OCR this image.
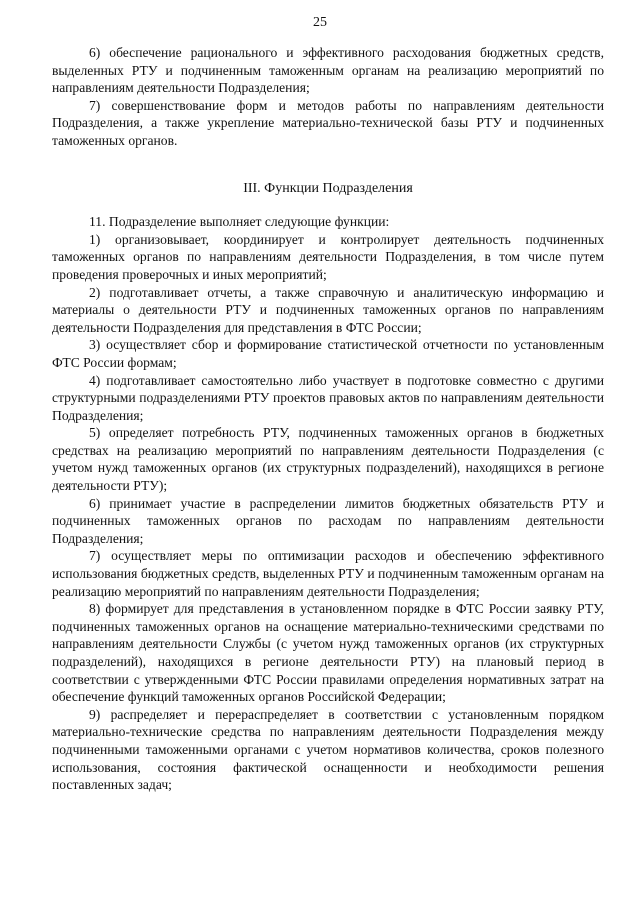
25

6) обеспечение рационального и эффективного расходования бюджетных средств, выделенных РТУ и подчиненным таможенным органам на реализацию мероприятий по направлениям деятельности Подразделения;

7) совершенствование форм и методов работы по направлениям деятельности Подразделения, а также укрепление материально-технической базы РТУ и подчиненных таможенных органов.

III. Функции Подразделения

11. Подразделение выполняет следующие функции:

1) организовывает, координирует и контролирует деятельность подчиненных таможенных органов по направлениям деятельности Подразделения, в том числе путем проведения проверочных и иных мероприятий;

2) подготавливает отчеты, а также справочную и аналитическую информацию и материалы о деятельности РТУ и подчиненных таможенных органов по направлениям деятельности Подразделения для представления в ФТС России;

3) осуществляет сбор и формирование статистической отчетности по установленным ФТС России формам;

4) подготавливает самостоятельно либо участвует в подготовке совместно с другими структурными подразделениями РТУ проектов правовых актов по направлениям деятельности Подразделения;

5) определяет потребность РТУ, подчиненных таможенных органов в бюджетных средствах на реализацию мероприятий по направлениям деятельности Подразделения (с учетом нужд таможенных органов (их структурных подразделений), находящихся в регионе деятельности РТУ);

6) принимает участие в распределении лимитов бюджетных обязательств РТУ и подчиненных таможенных органов по расходам по направлениям деятельности Подразделения;

7) осуществляет меры по оптимизации расходов и обеспечению эффективного использования бюджетных средств, выделенных РТУ и подчиненным таможенным органам на реализацию мероприятий по направлениям деятельности Подразделения;

8) формирует для представления в установленном порядке в ФТС России заявку РТУ, подчиненных таможенных органов на оснащение материально-техническими средствами по направлениям деятельности Службы (с учетом нужд таможенных органов (их структурных подразделений), находящихся в регионе деятельности РТУ) на плановый период в соответствии с утвержденными ФТС России правилами определения нормативных затрат на обеспечение функций таможенных органов Российской Федерации;

9) распределяет и перераспределяет в соответствии с установленным порядком материально-технические средства по направлениям деятельности Подразделения между подчиненными таможенными органами с учетом нормативов количества, сроков полезного использования, состояния фактической оснащенности и необходимости решения поставленных задач;
